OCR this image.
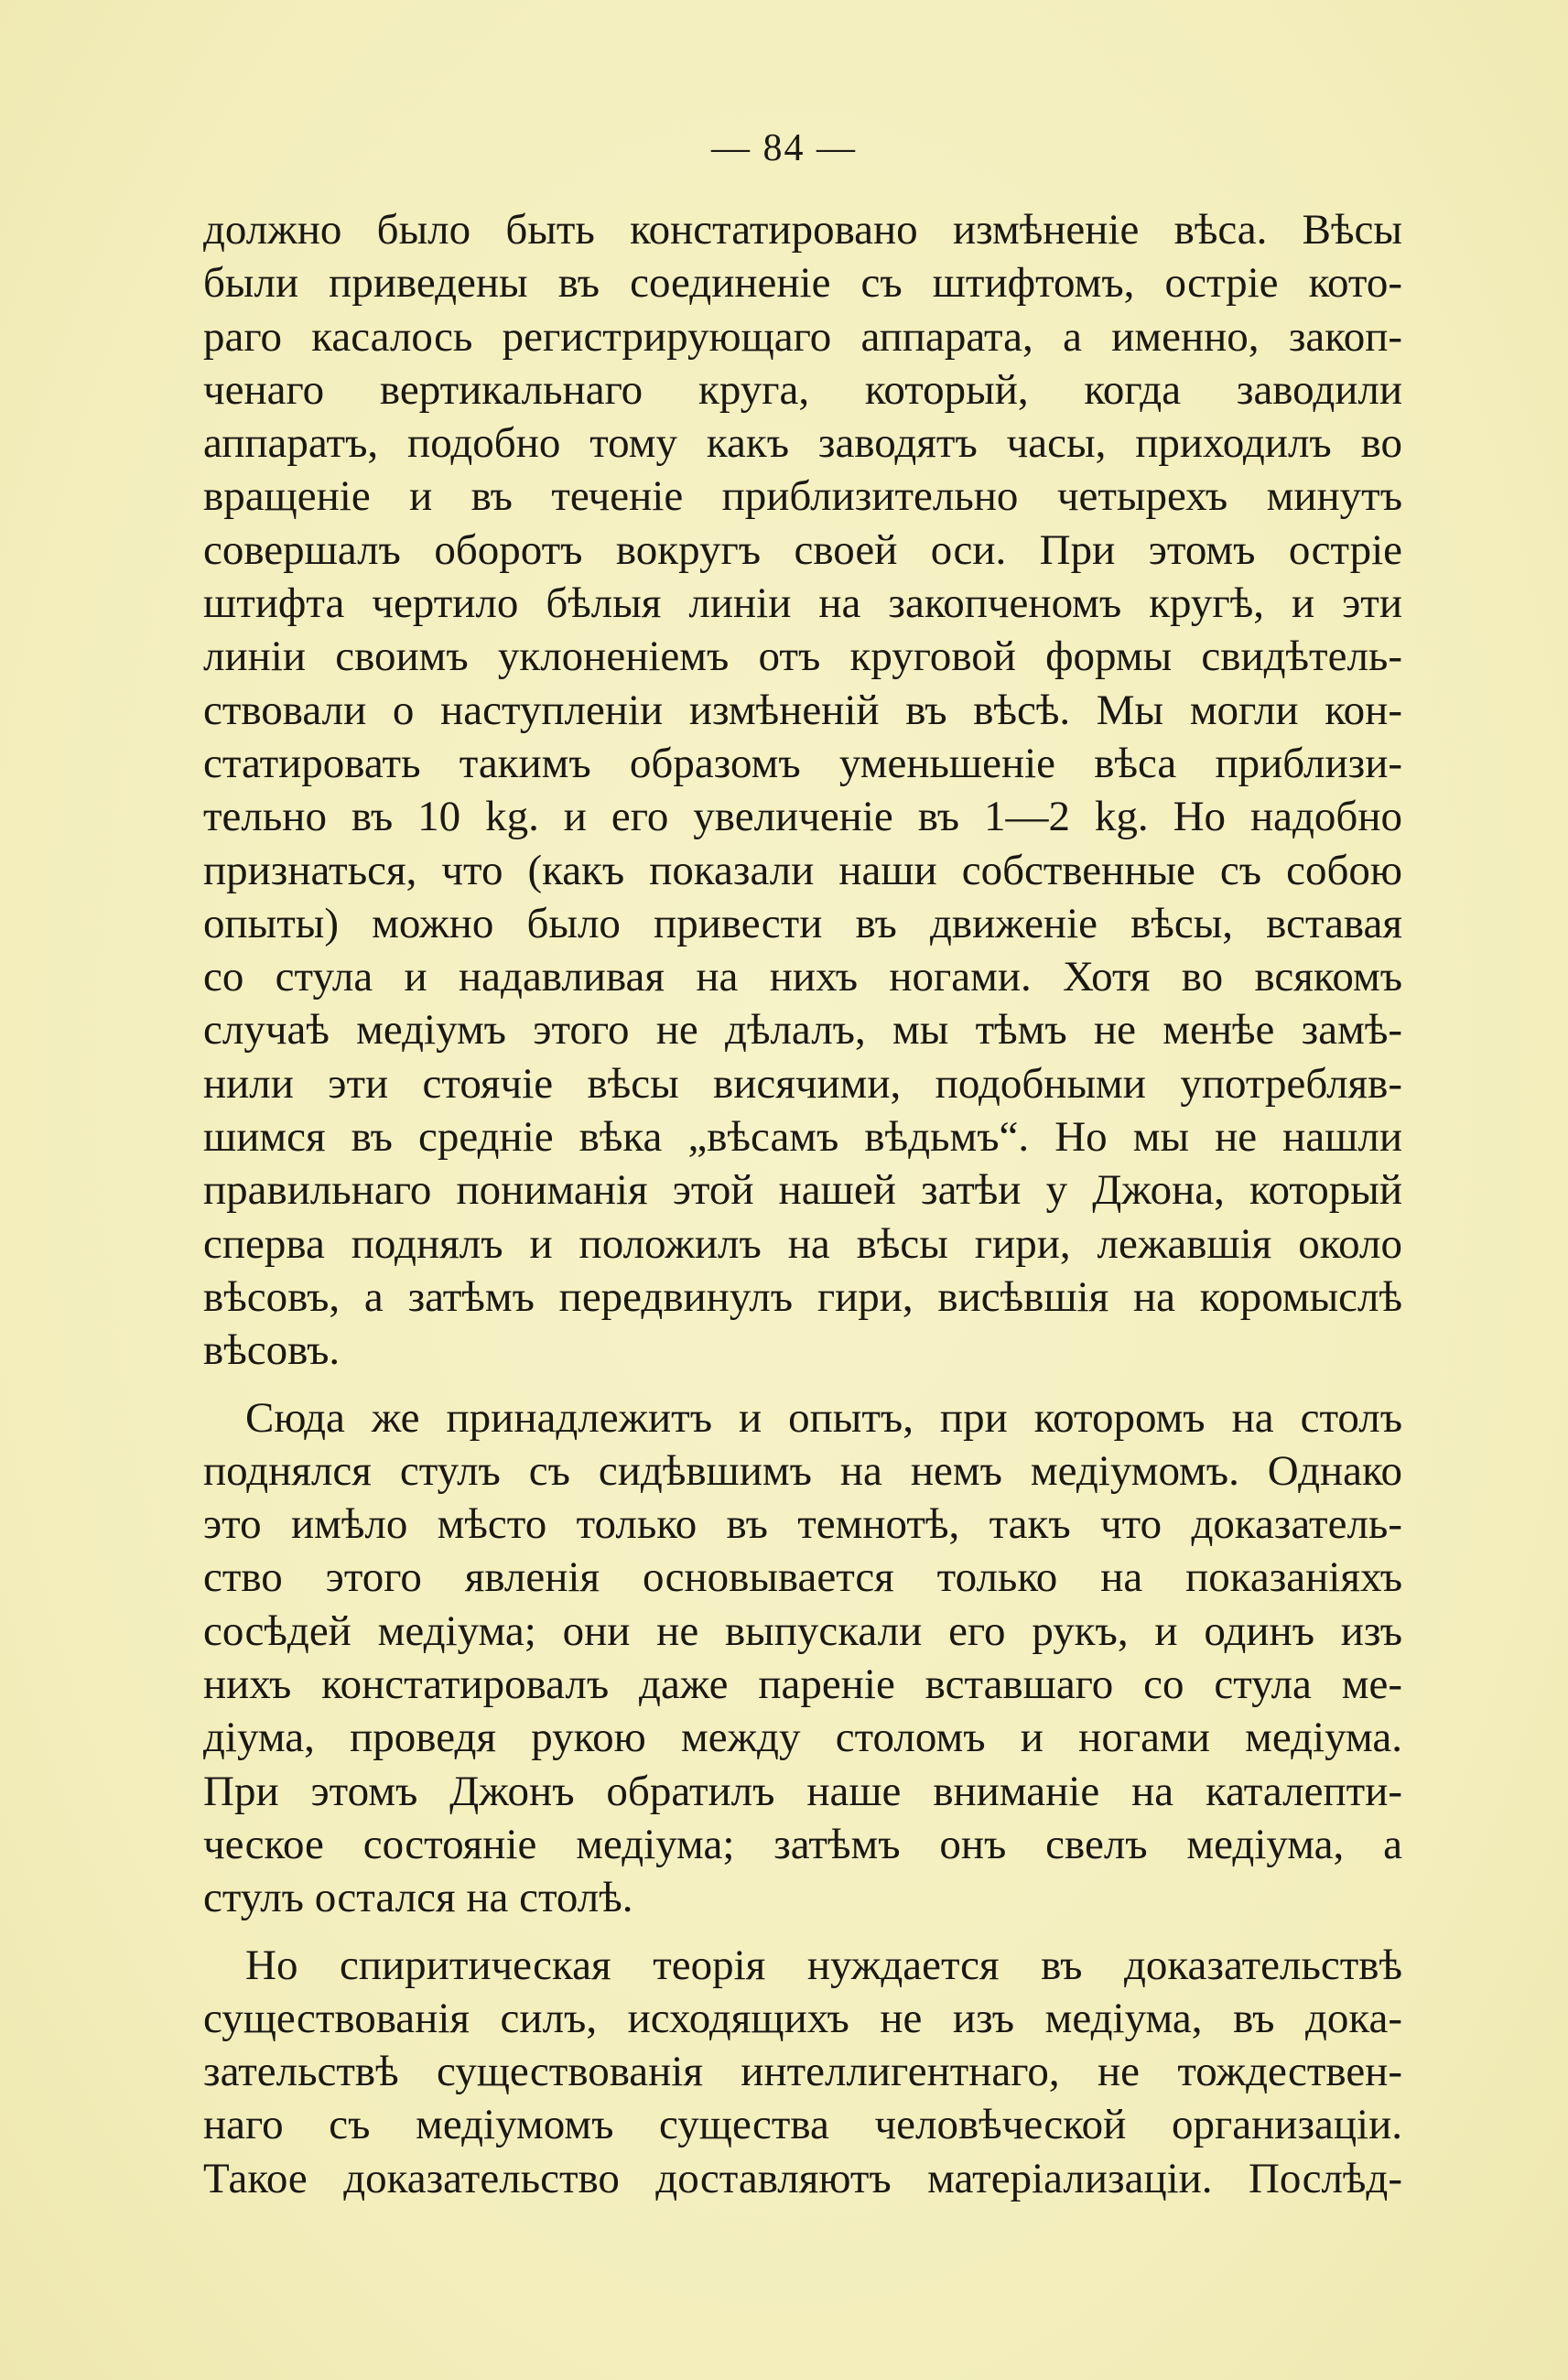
— 84 —
должно было быть констатировано измѣненіе вѣса. Вѣсы
были приведены въ соединеніе съ штифтомъ, остріе кото-
раго касалось регистрирующаго аппарата, а именно, закоп-
ченаго вертикальнаго круга, который, когда заводили
аппаратъ, подобно тому какъ заводятъ часы, приходилъ во
вращеніе и въ теченіе приблизительно четырехъ минутъ
совершалъ оборотъ вокругъ своей оси. При этомъ остріе
штифта чертило бѣлыя линіи на закопченомъ кругѣ, и эти
линіи своимъ уклоненіемъ отъ круговой формы свидѣтель-
ствовали о наступленіи измѣненій въ вѣсѣ. Мы могли кон-
статировать такимъ образомъ уменьшеніе вѣса приблизи-
тельно въ 10 kg. и его увеличеніе въ 1—2 kg. Но надобно
признаться, что (какъ показали наши собственные съ собою
опыты) можно было привести въ движеніе вѣсы, вставая
со стула и надавливая на нихъ ногами. Хотя во всякомъ
случаѣ медіумъ этого не дѣлалъ, мы тѣмъ не менѣе замѣ-
нили эти стоячіе вѣсы висячими, подобными употребляв-
шимся въ средніе вѣка „вѣсамъ вѣдьмъ“. Но мы не нашли
правильнаго пониманія этой нашей затѣи у Джона, который
сперва поднялъ и положилъ на вѣсы гири, лежавшія около
вѣсовъ, а затѣмъ передвинулъ гири, висѣвшія на коромыслѣ
вѣсовъ.
Сюда же принадлежитъ и опытъ, при которомъ на столъ
поднялся стулъ съ сидѣвшимъ на немъ медіумомъ. Однако
это имѣло мѣсто только въ темнотѣ, такъ что доказатель-
ство этого явленія основывается только на показаніяхъ
сосѣдей медіума; они не выпускали его рукъ, и одинъ изъ
нихъ констатировалъ даже пареніе вставшаго со стула ме-
діума, проведя рукою между столомъ и ногами медіума.
При этомъ Джонъ обратилъ наше вниманіе на каталепти-
ческое состояніе медіума; затѣмъ онъ свелъ медіума, а
стулъ остался на столѣ.
Но спиритическая теорія нуждается въ доказательствѣ
существованія силъ, исходящихъ не изъ медіума, въ дока-
зательствѣ существованія интеллигентнаго, не тождествен-
наго съ медіумомъ существа человѣческой организаціи.
Такое доказательство доставляютъ матеріализаціи. Послѣд-
